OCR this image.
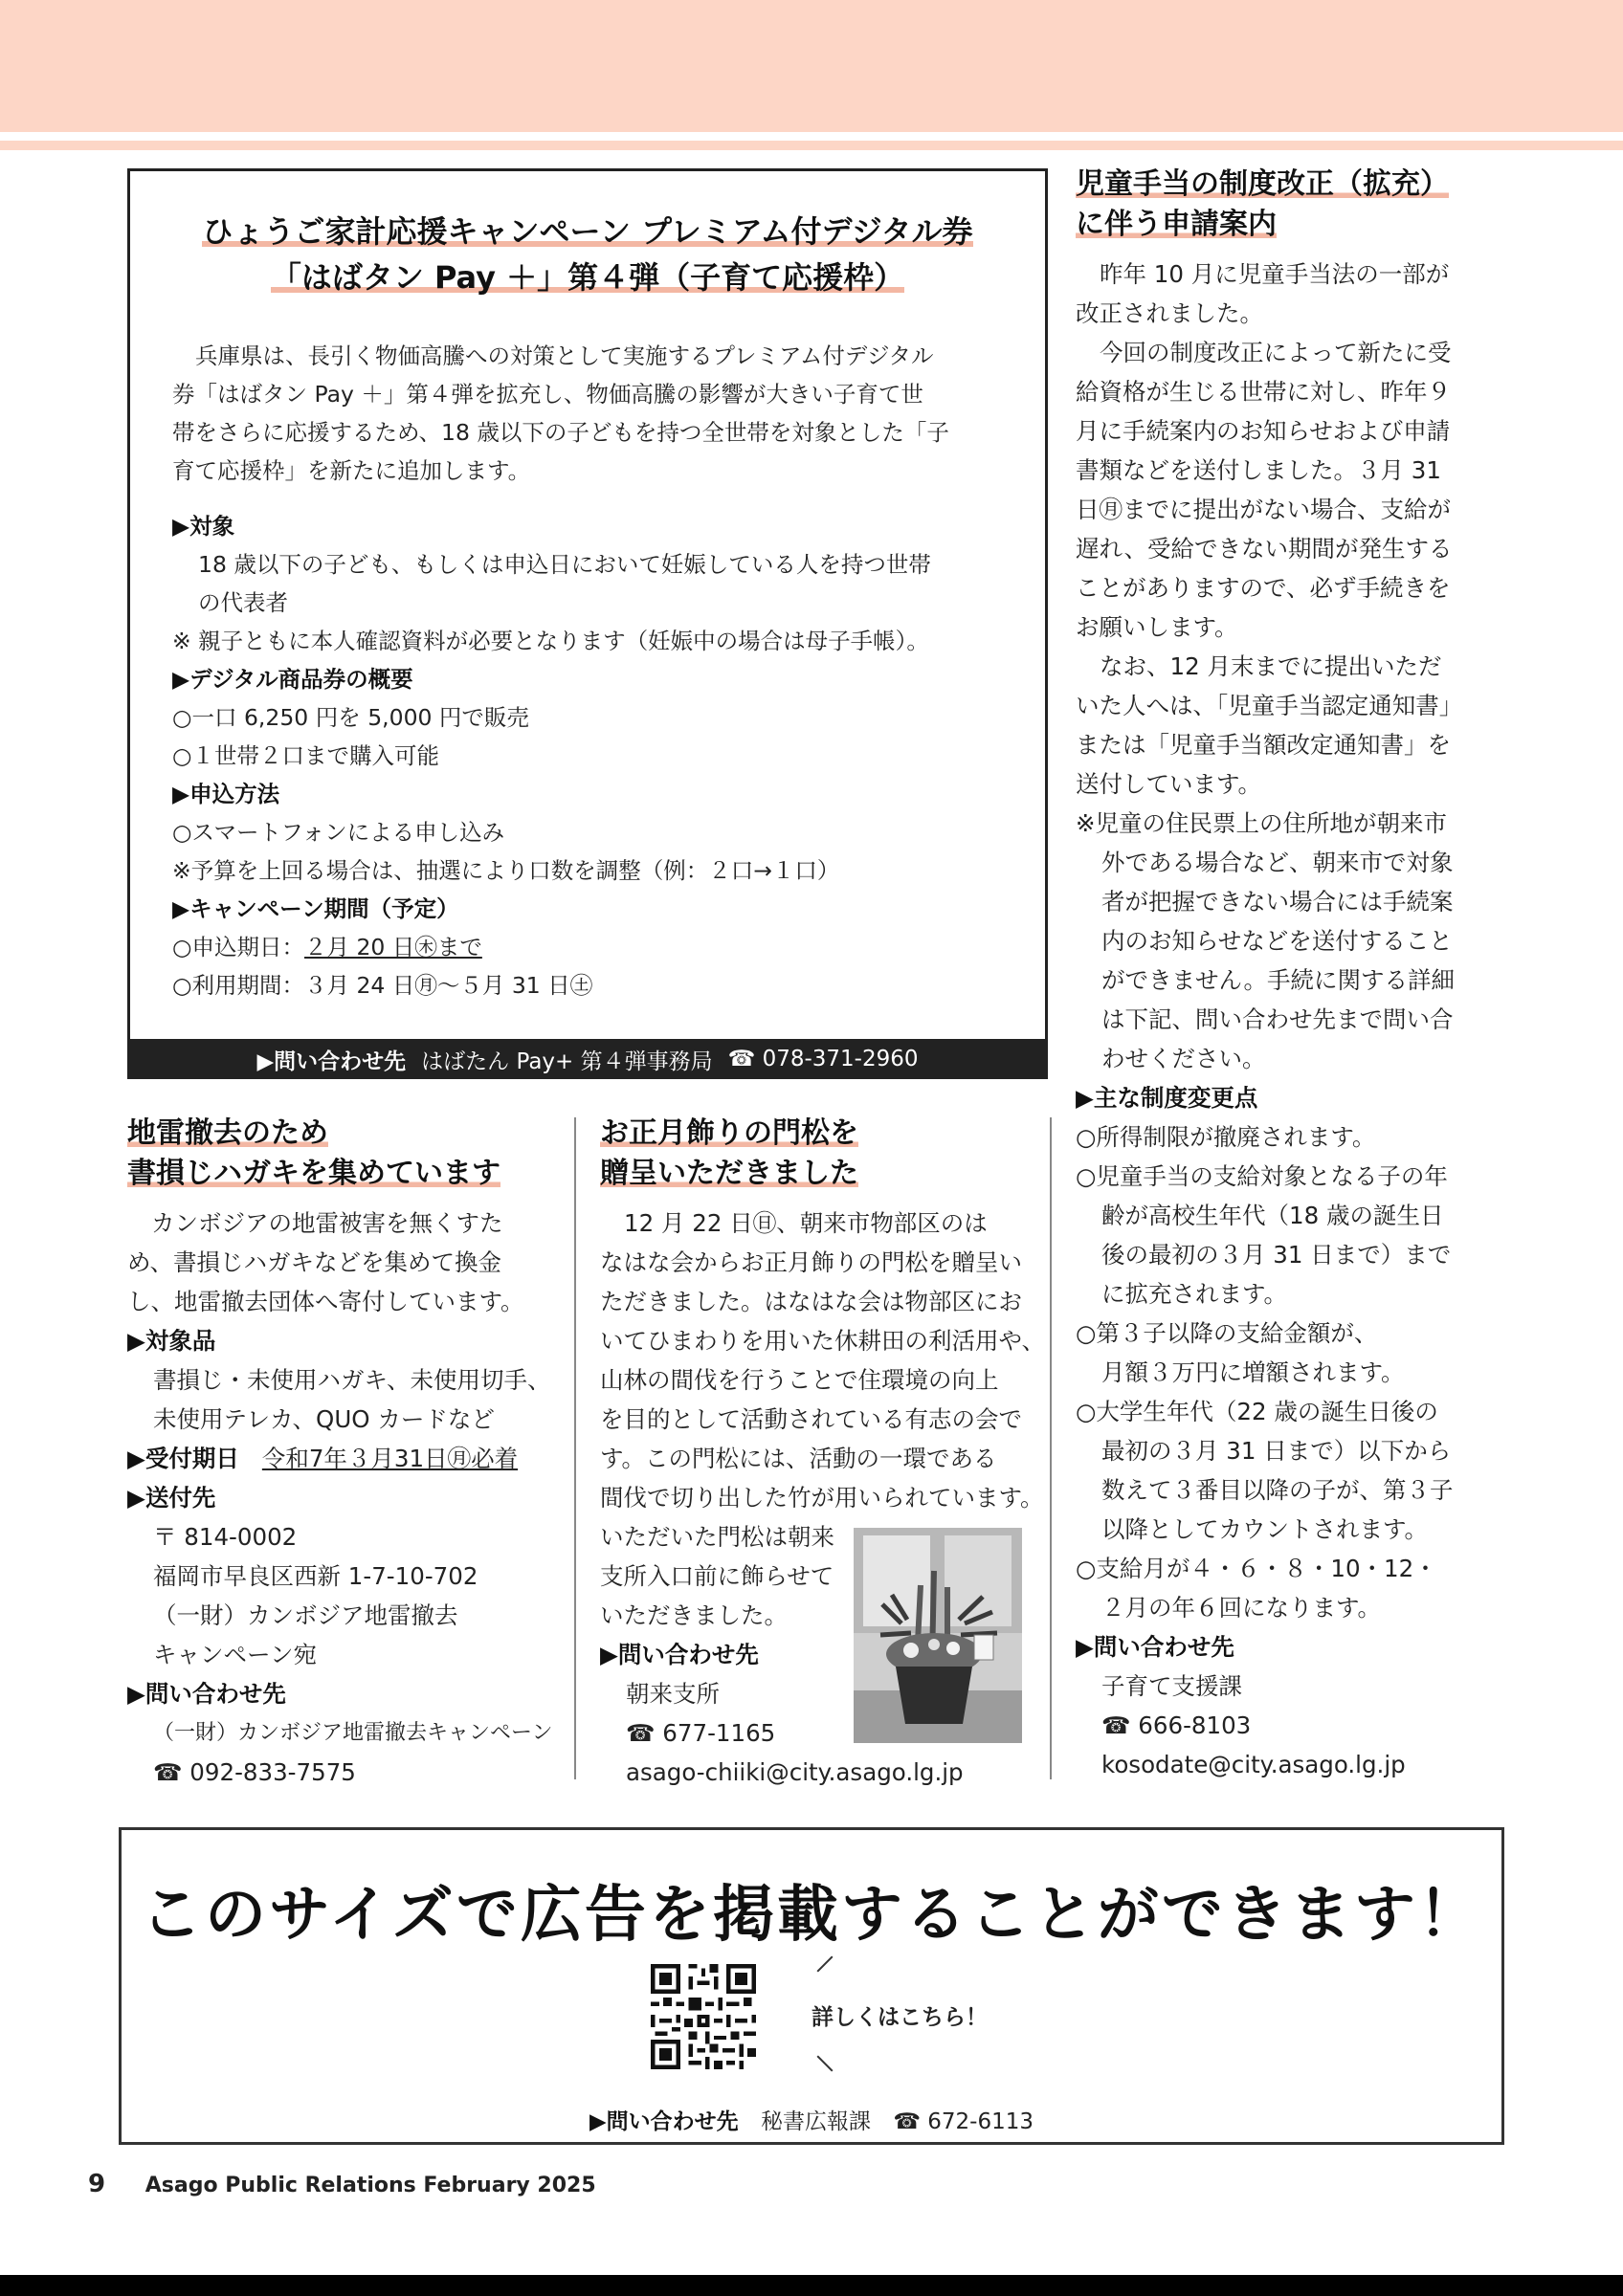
ひょうご家計応援キャンペーン プレミアム付デジタル券
「はばタン Pay ＋」第４弾（子育て応援枠）

兵庫県は、長引く物価高騰への対策として実施するプレミアム付デジタル

券「はばタン Pay ＋」第４弾を拡充し、物価高騰の影響が大きい子育て世

帯をさらに応援するため、18 歳以下の子どもを持つ全世帯を対象とした「子

育て応援枠」を新たに追加します。

▶対象

18 歳以下の子ども、もしくは申込日において妊娠している人を持つ世帯

の代表者

※ 親子ともに本人確認資料が必要となります（妊娠中の場合は母子手帳）。

▶デジタル商品券の概要

○一口 6,250 円を 5,000 円で販売

○１世帯２口まで購入可能

▶申込方法

○スマートフォンによる申し込み

※予算を上回る場合は、抽選により口数を調整（例：２口→１口）

▶キャンペーン期間（予定）

○申込期日：２月 20 日㊍まで

○利用期間：３月 24 日㊊～５月 31 日㊏

▶問い合わせ先 はばたん Pay+ 第４弾事務局 ☎ 078-371-2960
児童手当の制度改正（拡充）
に伴う申請案内

昨年 10 月に児童手当法の一部が

改正されました。

今回の制度改正によって新たに受

給資格が生じる世帯に対し、昨年９

月に手続案内のお知らせおよび申請

書類などを送付しました。３月 31

日㊊までに提出がない場合、支給が

遅れ、受給できない期間が発生する

ことがありますので、必ず手続きを

お願いします。

なお、12 月末までに提出いただ

いた人へは、「児童手当認定通知書」

または「児童手当額改定通知書」を

送付しています。

※児童の住民票上の住所地が朝来市

外である場合など、朝来市で対象

者が把握できない場合には手続案

内のお知らせなどを送付すること

ができません。手続に関する詳細

は下記、問い合わせ先まで問い合

わせください。

▶主な制度変更点

○所得制限が撤廃されます。

○児童手当の支給対象となる子の年

齢が高校生年代（18 歳の誕生日

後の最初の３月 31 日まで）まで

に拡充されます。

○第３子以降の支給金額が、

月額３万円に増額されます。

○大学生年代（22 歳の誕生日後の

最初の３月 31 日まで）以下から

数えて３番目以降の子が、第３子

以降としてカウントされます。

○支給月が４・６・８・10・12・

２月の年６回になります。

▶問い合わせ先

子育て支援課

☎ 666-8103

kosodate@city.asago.lg.jp

地雷撤去のため
書損じハガキを集めています

カンボジアの地雷被害を無くすた

め、書損じハガキなどを集めて換金

し、地雷撤去団体へ寄付しています。

▶対象品

書損じ・未使用ハガキ、未使用切手、

未使用テレカ、QUO カードなど

▶受付期日 令和7年３月31日㊊必着

▶送付先

〒 814-0002

福岡市早良区西新 1-7-10-702

（一財）カンボジア地雷撤去

キャンペーン宛

▶問い合わせ先

（一財）カンボジア地雷撤去キャンペーン

☎ 092-833-7575

お正月飾りの門松を
贈呈いただきました

12 月 22 日㊐、朝来市物部区のは

なはな会からお正月飾りの門松を贈呈い

ただきました。はなはな会は物部区にお

いてひまわりを用いた休耕田の利活用や、

山林の間伐を行うことで住環境の向上

を目的として活動されている有志の会で

す。この門松には、活動の一環である

間伐で切り出した竹が用いられています。

いただいた門松は朝来

支所入口前に飾らせて

いただきました。

▶問い合わせ先

朝来支所

☎ 677-1165

asago-chiiki@city.asago.lg.jp

このサイズで広告を掲載することができます！
詳しくはこちら！
▶問い合わせ先 秘書広報課 ☎ 672-6113
9 Asago Public Relations February 2025
